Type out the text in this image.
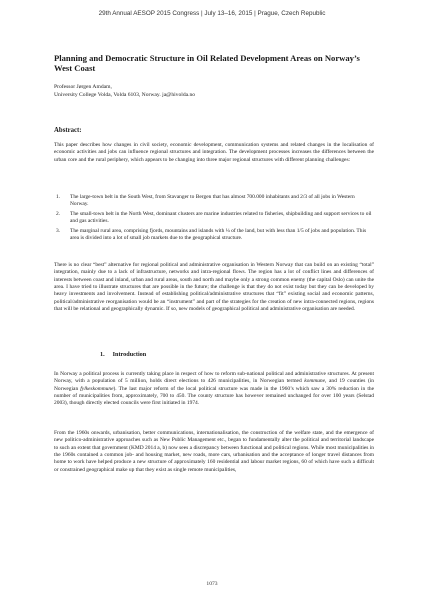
29th Annual AESOP 2015 Congress | July 13–16, 2015 | Prague, Czech Republic
Planning and Democratic Structure in Oil Related Development Areas on Norway’s West Coast
Professor Jørgen Amdam,
University College Volda, Volda 6103, Norway. ja@hivolda.no
Abstract:

This paper describes how changes in civil society, economic development, communication systems and related changes in the localisation of economic activities and jobs can influence regional structures and integration. The development processes increases the differences between the urban core and the rural periphery, which appears to be changing into three major regional structures with different planning challenges:

1.	The large-town belt in the South West, from Stavanger to Bergen that has almost 700.000 inhabitants and 2/3 of all jobs in Western Norway.
2.	The small-town belt in the North West, dominant clusters are marine industries related to fisheries, shipbuilding and support services to oil and gas activities.
3.	The marginal rural area, comprising fjords, mountains and islands with ¼ of the land, but with less than 1/5 of jobs and population. This area is divided into a lot of small job markets due to the geographical structure.

There is no clear “best” alternative for regional political and administrative organisation in Western Norway that can build on an existing “total” integration, mainly due to a lack of infrastructure, networks and intra-regional flows. The region has a lot of conflict lines and differences of interests between coast and inland, urban and rural areas, south and north and maybe only a strong common enemy (the capital Oslo) can unite the area. I have tried to illustrate structures that are possible in the future; the challenge is that they do not exist today but they can be developed by heavy investments and involvement. Instead of establishing political/administrative structures that “fit” existing social and economic patterns, political/administrative reorganisation would be an “instrument” and part of the strategies for the creation of new intra-connected regions, regions that will be relational and geographically dynamic. If so, new models of geographical political and administrative organisation are needed.

1. Introduction

In Norway a political process is currently taking place in respect of how to reform sub-national political and administrative structures. At present Norway, with a population of 5 million, holds direct elections to 426 municipalities, in Norwegian termed kommune, and 19 counties (in Norwegian fylkeskommune). The last major reform of the local political structure was made in the 1960’s which saw a 30% reduction in the number of municipalities from, approximately, 700 to 450. The county structure has however remained unchanged for over 100 years (Selstad 2003), though directly elected councils were first initiated in 1974.

From the 1960s onwards, urbanisation, better communications, internationalisation, the construction of the welfare state, and the emergence of new politico-administrative approaches such as New Public Management etc., began to fundamentally alter the political and territorial landscape to such an extent that government (KMD 2014 a, b) now sees a discrepancy between functional and political regions. While most municipalities in the 1960s contained a common job- and housing market, new roads, more cars, urbanisation and the acceptance of longer travel distances from home to work have helped produce a new structure of approximately 160 residential and labour market regions, 60 of which have such a difficult or constrained geographical make up that they exist as single remote municipalities,

1073
